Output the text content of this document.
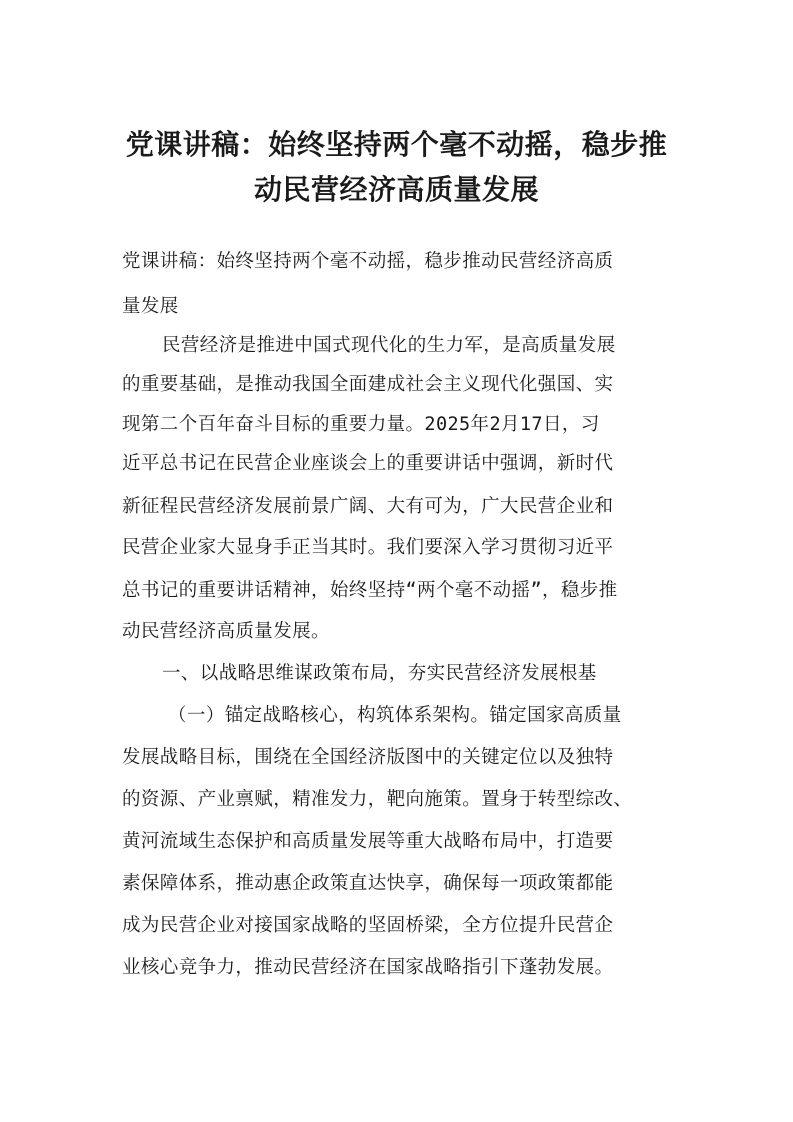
党课讲稿：始终坚持两个毫不动摇，稳步推
动民营经济高质量发展
党课讲稿：始终坚持两个毫不动摇，稳步推动民营经济高质
量发展
民营经济是推进中国式现代化的生力军，是高质量发展
的重要基础，是推动我国全面建成社会主义现代化强国、实
现第二个百年奋斗目标的重要力量。2025年2月17日，习
近平总书记在民营企业座谈会上的重要讲话中强调，新时代
新征程民营经济发展前景广阔、大有可为，广大民营企业和
民营企业家大显身手正当其时。我们要深入学习贯彻习近平
总书记的重要讲话精神，始终坚持“两个毫不动摇”，稳步推
动民营经济高质量发展。
一、以战略思维谋政策布局，夯实民营经济发展根基
（一）锚定战略核心，构筑体系架构。锚定国家高质量
发展战略目标，围绕在全国经济版图中的关键定位以及独特
的资源、产业禀赋，精准发力，靶向施策。置身于转型综改、
黄河流域生态保护和高质量发展等重大战略布局中，打造要
素保障体系，推动惠企政策直达快享，确保每一项政策都能
成为民营企业对接国家战略的坚固桥梁，全方位提升民营企
业核心竞争力，推动民营经济在国家战略指引下蓬勃发展。
